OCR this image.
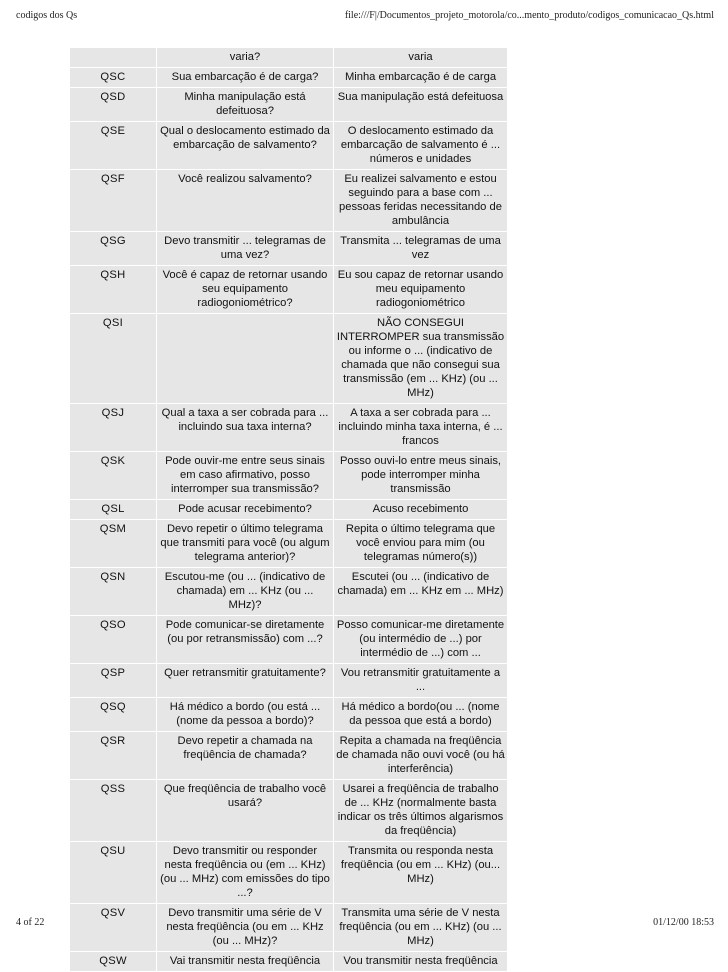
codigos dos Qs	file:///F|/Documentos_projeto_motorola/co...mento_produto/codigos_comunicacao_Qs.html
	varia?	varia
QSC	Sua embarcação é de carga?	Minha embarcação é de carga
QSD	Minha manipulação está defeituosa?	Sua manipulação está defeituosa
QSE	Qual o deslocamento estimado da embarcação de salvamento?	O deslocamento estimado da embarcação de salvamento é ... números e unidades
QSF	Você realizou salvamento?	Eu realizei salvamento e estou seguindo para a base com ... pessoas feridas necessitando de ambulância
QSG	Devo transmitir ... telegramas de uma vez?	Transmita ... telegramas de uma vez
QSH	Você é capaz de retornar usando seu equipamento radiogoniométrico?	Eu sou capaz de retornar usando meu equipamento radiogoniométrico
QSI		NÃO CONSEGUI INTERROMPER sua transmissão ou informe o ... (indicativo de chamada que não consegui sua transmissão (em ... KHz) (ou ... MHz)
QSJ	Qual a taxa a ser cobrada para ... incluindo sua taxa interna?	A taxa a ser cobrada para ... incluindo minha taxa interna, é ... francos
QSK	Pode ouvir-me entre seus sinais em caso afirmativo, posso interromper sua transmissão?	Posso ouvi-lo entre meus sinais, pode interromper minha transmissão
QSL	Pode acusar recebimento?	Acuso recebimento
QSM	Devo repetir o último telegrama que transmiti para você (ou algum telegrama anterior)?	Repita o último telegrama que você enviou para mim (ou telegramas número(s))
QSN	Escutou-me (ou ... (indicativo de chamada) em ... KHz (ou ... MHz)?	Escutei (ou ... (indicativo de chamada) em ... KHz em ... MHz)
QSO	Pode comunicar-se diretamente (ou por retransmissão) com ...?	Posso comunicar-me diretamente (ou intermédio de ...) por intermédio de ...) com ...
QSP	Quer retransmitir gratuitamente?	Vou retransmitir gratuitamente a ...
QSQ	Há médico a bordo (ou está ... (nome da pessoa a bordo)?	Há médico a bordo(ou ... (nome da pessoa que está a bordo)
QSR	Devo repetir a chamada na freqüência de chamada?	Repita a chamada na freqüência de chamada não ouvi você (ou há interferência)
QSS	Que freqüência de trabalho você usará?	Usarei a freqüência de trabalho de ... KHz (normalmente basta indicar os três últimos algarismos da freqüência)
QSU	Devo transmitir ou responder nesta freqüência ou (em ... KHz) (ou ... MHz) com emissões do tipo ...?	Transmita ou responda nesta freqüência (ou em ... KHz) (ou... MHz)
QSV	Devo transmitir uma série de V nesta freqüência (ou em ... KHz (ou ... MHz)?	Transmita uma série de V nesta freqüência (ou em ... KHz) (ou ... MHz)
QSW	Vai transmitir nesta freqüência	Vou transmitir nesta freqüência
4 of 22	01/12/00 18:53
